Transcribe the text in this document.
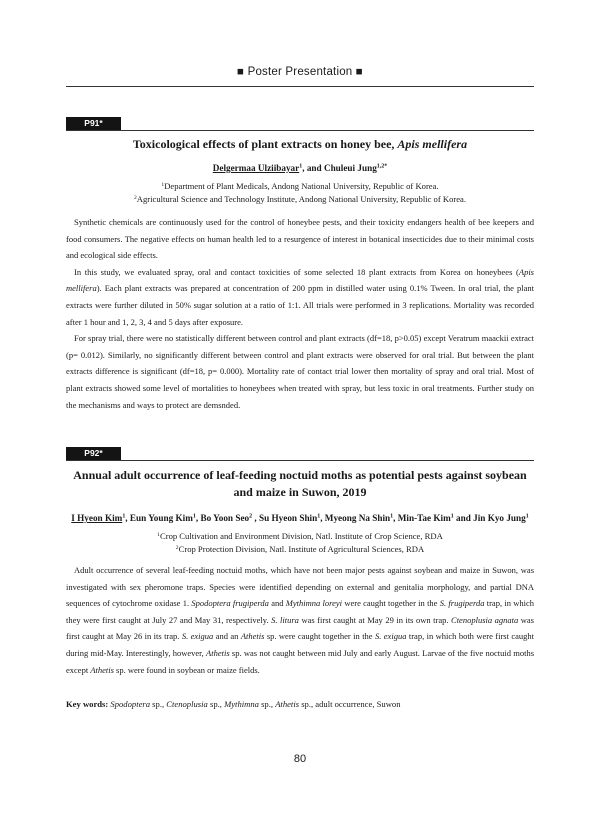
■ Poster Presentation ■
P91*
Toxicological effects of plant extracts on honey bee, Apis mellifera
Delgermaa Ulziibayar$^1$, and Chuleui Jung$^{1,2*}$
$^1$Department of Plant Medicals, Andong National University, Republic of Korea.
$^2$Agricultural Science and Technology Institute, Andong National University, Republic of Korea.

Synthetic chemicals are continuously used for the control of honeybee pests, and their toxicity endangers health of bee keepers and food consumers. The negative effects on human health led to a resurgence of interest in botanical insecticides due to their minimal costs and ecological side effects.

In this study, we evaluated spray, oral and contact toxicities of some selected 18 plant extracts from Korea on honeybees (Apis mellifera). Each plant extracts was prepared at concentration of 200 ppm in distilled water using 0.1% Tween. In oral trial, the plant extracts were further diluted in 50% sugar solution at a ratio of 1:1. All trials were performed in 3 replications. Mortality was recorded after 1 hour and 1, 2, 3, 4 and 5 days after exposure.

For spray trial, there were no statistically different between control and plant extracts (df=18, p>0.05) except Veratrum maackii extract (p= 0.012). Similarly, no significantly different between control and plant extracts were observed for oral trial. But between the plant extracts difference is significant (df=18, p= 0.000). Mortality rate of contact trial lower then mortality of spray and oral trial. Most of plant extracts showed some level of mortalities to honeybees when treated with spray, but less toxic in oral treatments. Further study on the mechanisms and ways to protect are demsnded.

P92*
Annual adult occurrence of leaf-feeding noctuid moths as potential pests against soybean
and maize in Suwon, 2019
I Hyeon Kim$^1$, Eun Young Kim$^1$, Bo Yoon Seo$^2$ , Su Hyeon Shin$^1$, Myeong Na Shin$^1$, Min-Tae Kim$^1$ and Jin Kyo Jung$^1$
$^1$Crop Cultivation and Environment Division, Natl. Institute of Crop Science, RDA
$^2$Crop Protection Division, Natl. Institute of Agricultural Sciences, RDA

Adult occurrence of several leaf-feeding noctuid moths, which have not been major pests against soybean and maize in Suwon, was investigated with sex pheromone traps. Species were identified depending on external and genitalia morphology, and partial DNA sequences of cytochrome oxidase 1. Spodoptera frugiperda and Mythimna loreyi were caught together in the S. frugiperda trap, in which they were first caught at July 27 and May 31, respectively. S. litura was first caught at May 29 in its own trap. Ctenoplusia agnata was first caught at May 26 in its trap. S. exigua and an Athetis sp. were caught together in the S. exigua trap, in which both were first caught during mid-May. Interestingly, however, Athetis sp. was not caught between mid July and early August. Larvae of the five noctuid moths except Athetis sp. were found in soybean or maize fields.

Key words: Spodoptera sp., Ctenoplusia sp., Mythimna sp., Athetis sp., adult occurrence, Suwon
80
